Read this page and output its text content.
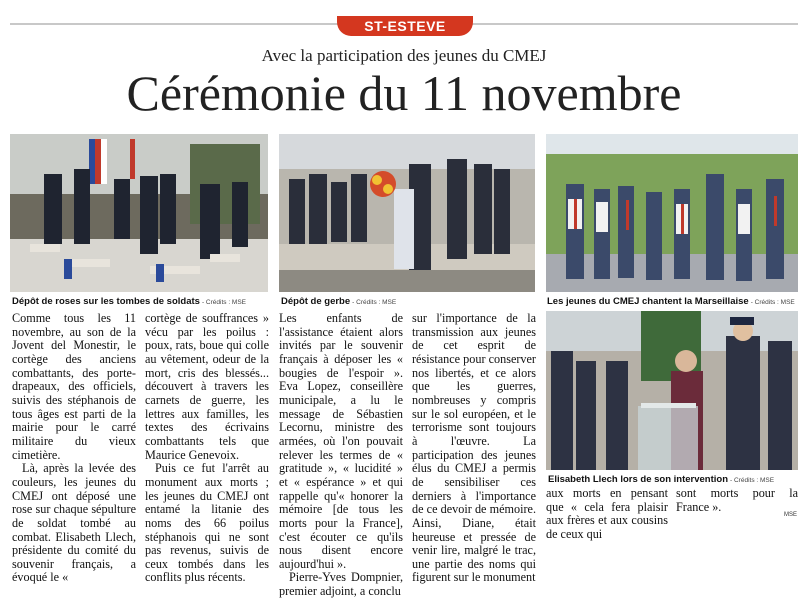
ST-ESTEVE
Avec la participation des jeunes du CMEJ
Cérémonie du 11 novembre
Dépôt de roses sur les tombes de soldats - Crédits : MSE	Dépôt de gerbe - Crédits : MSE	Les jeunes du CMEJ chantent la Marseillaise - Crédits : MSE
Elisabeth Llech lors de son intervention - Crédits : MSE

Comme tous les 11 novembre, au son de la Jovent del Monestir, le cortège des anciens combattants, des porte-drapeaux, des officiels, suivis des stéphanois de tous âges est parti de la mairie pour le carré militaire du vieux cimetière.

Là, après la levée des couleurs, les jeunes du CMEJ ont déposé une rose sur chaque sépulture de soldat tombé au combat. Elisabeth Llech, présidente du comité du souvenir français, a évoqué le «

cortège de souffrances » vécu par les poilus : poux, rats, boue qui colle au vêtement, odeur de la mort, cris des blessés... découvert à travers les carnets de guerre, les lettres aux familles, les textes des écrivains combattants tels que Maurice Genevoix.

Puis ce fut l'arrêt au monument aux morts ; les jeunes du CMEJ ont entamé la litanie des noms des 66 poilus stéphanois qui ne sont pas revenus, suivis de ceux tombés dans les conflits plus récents.

Les enfants de l'assistance étaient alors invités par le souvenir français à déposer les « bougies de l'espoir ». Eva Lopez, conseillère municipale, a lu le message de Sébastien Lecornu, ministre des armées, où l'on pouvait relever les termes de « gratitude », « lucidité » et « espérance » et qui rappelle qu'« honorer la mémoire [de tous les morts pour la France], c'est écouter ce qu'ils nous disent encore aujourd'hui ».

Pierre-Yves Dompnier, premier adjoint, a conclu

sur l'importance de la transmission aux jeunes de cet esprit de résistance pour conserver nos libertés, et ce alors que les guerres, nombreuses y compris sur le sol européen, et le terrorisme sont toujours à l'œuvre. La participation des jeunes élus du CMEJ a permis de sensibiliser ces derniers à l'importance de ce devoir de mémoire. Ainsi, Diane, était heureuse et pressée de venir lire, malgré le trac, une partie des noms qui figurent sur le monument

aux morts en pensant que « cela fera plaisir aux frères et aux cousins de ceux qui

sont morts pour la France ».

MSE
